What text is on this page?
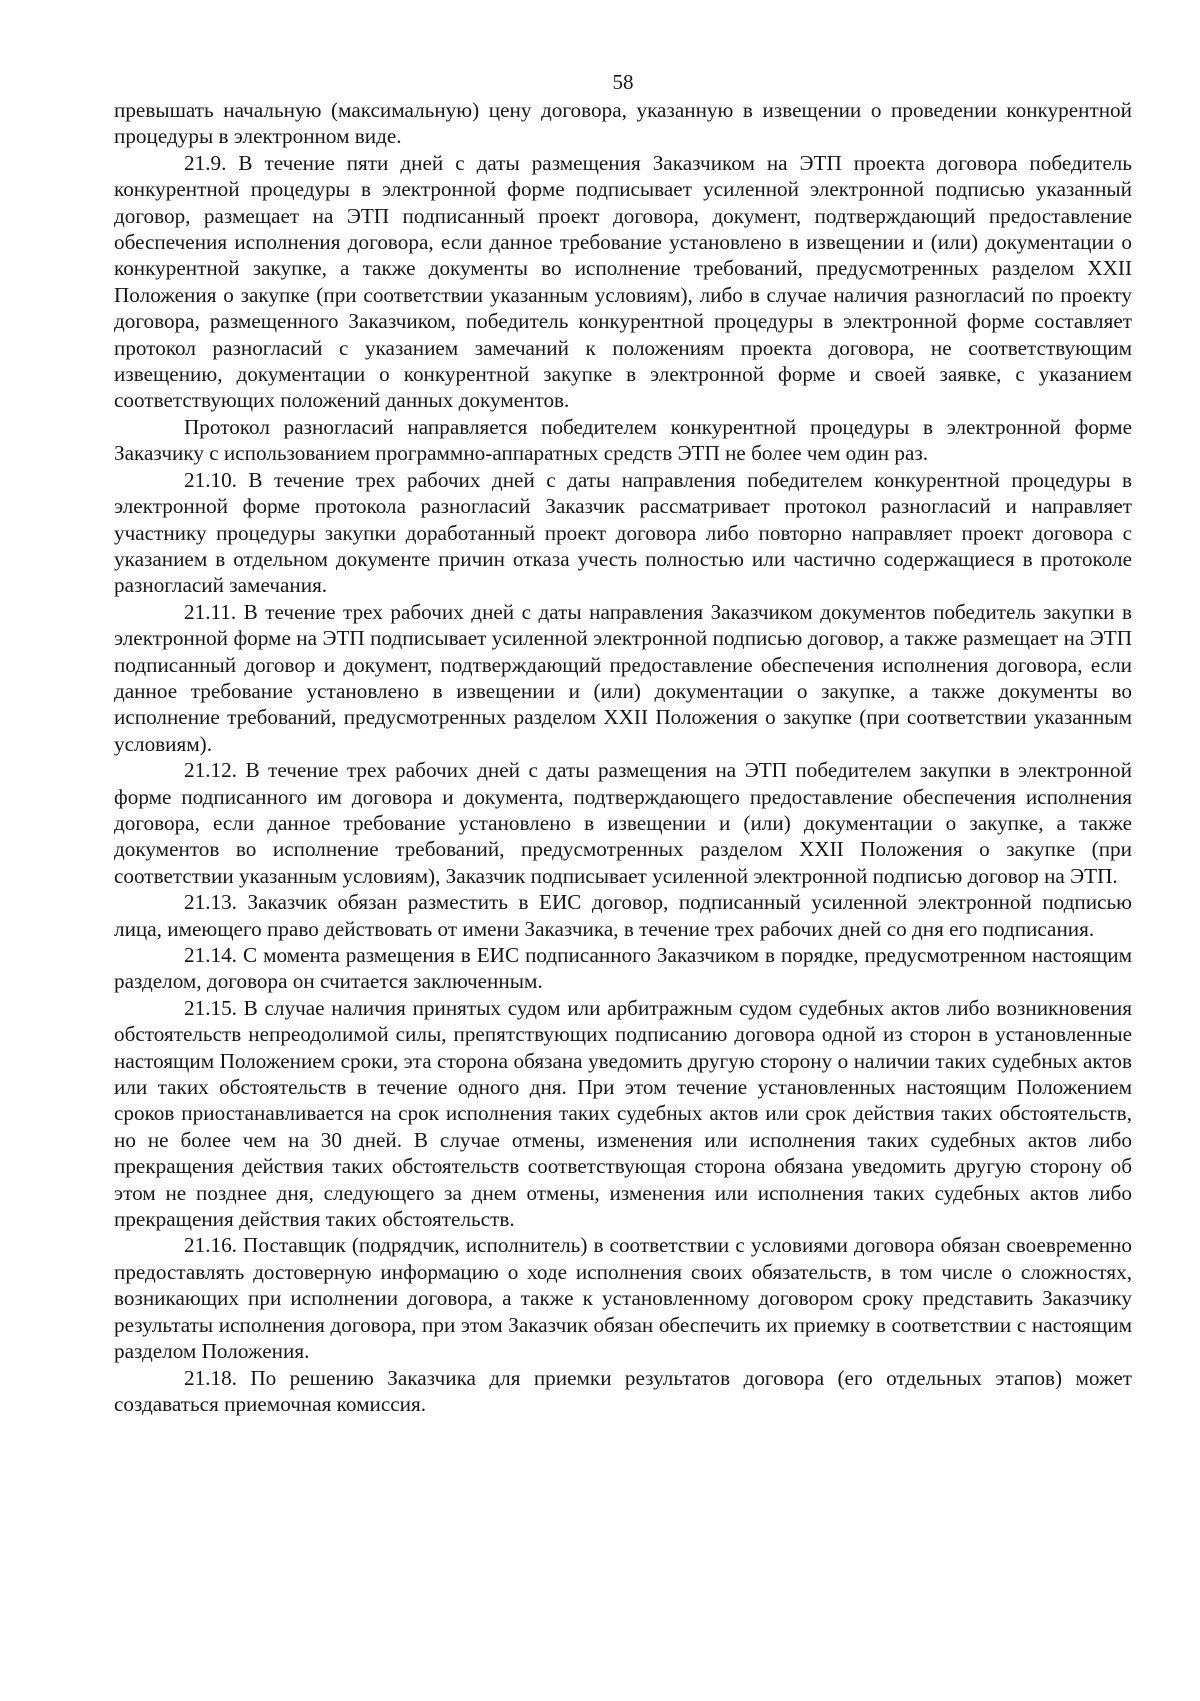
58

превышать начальную (максимальную) цену договора, указанную в извещении о проведении конкурентной процедуры в электронном виде.

21.9. В течение пяти дней с даты размещения Заказчиком на ЭТП проекта договора победитель конкурентной процедуры в электронной форме подписывает усиленной электронной подписью указанный договор, размещает на ЭТП подписанный проект договора, документ, подтверждающий предоставление обеспечения исполнения договора, если данное требование установлено в извещении и (или) документации о конкурентной закупке, а также документы во исполнение требований, предусмотренных разделом XXII Положения о закупке (при соответствии указанным условиям), либо в случае наличия разногласий по проекту договора, размещенного Заказчиком, победитель конкурентной процедуры в электронной форме составляет протокол разногласий с указанием замечаний к положениям проекта договора, не соответствующим извещению, документации о конкурентной закупке в электронной форме и своей заявке, с указанием соответствующих положений данных документов.

Протокол разногласий направляется победителем конкурентной процедуры в электронной форме Заказчику с использованием программно-аппаратных средств ЭТП не более чем один раз.

21.10. В течение трех рабочих дней с даты направления победителем конкурентной процедуры в электронной форме протокола разногласий Заказчик рассматривает протокол разногласий и направляет участнику процедуры закупки доработанный проект договора либо повторно направляет проект договора с указанием в отдельном документе причин отказа учесть полностью или частично содержащиеся в протоколе разногласий замечания.

21.11. В течение трех рабочих дней с даты направления Заказчиком документов победитель закупки в электронной форме на ЭТП подписывает усиленной электронной подписью договор, а также размещает на ЭТП подписанный договор и документ, подтверждающий предоставление обеспечения исполнения договора, если данное требование установлено в извещении и (или) документации о закупке, а также документы во исполнение требований, предусмотренных разделом XXII Положения о закупке (при соответствии указанным условиям).

21.12. В течение трех рабочих дней с даты размещения на ЭТП победителем закупки в электронной форме подписанного им договора и документа, подтверждающего предоставление обеспечения исполнения договора, если данное требование установлено в извещении и (или) документации о закупке, а также документов во исполнение требований, предусмотренных разделом XXII Положения о закупке (при соответствии указанным условиям), Заказчик подписывает усиленной электронной подписью договор на ЭТП.

21.13. Заказчик обязан разместить в ЕИС договор, подписанный усиленной электронной подписью лица, имеющего право действовать от имени Заказчика, в течение трех рабочих дней со дня его подписания.

21.14. С момента размещения в ЕИС подписанного Заказчиком в порядке, предусмотренном настоящим разделом, договора он считается заключенным.

21.15. В случае наличия принятых судом или арбитражным судом судебных актов либо возникновения обстоятельств непреодолимой силы, препятствующих подписанию договора одной из сторон в установленные настоящим Положением сроки, эта сторона обязана уведомить другую сторону о наличии таких судебных актов или таких обстоятельств в течение одного дня. При этом течение установленных настоящим Положением сроков приостанавливается на срок исполнения таких судебных актов или срок действия таких обстоятельств, но не более чем на 30 дней. В случае отмены, изменения или исполнения таких судебных актов либо прекращения действия таких обстоятельств соответствующая сторона обязана уведомить другую сторону об этом не позднее дня, следующего за днем отмены, изменения или исполнения таких судебных актов либо прекращения действия таких обстоятельств.

21.16. Поставщик (подрядчик, исполнитель) в соответствии с условиями договора обязан своевременно предоставлять достоверную информацию о ходе исполнения своих обязательств, в том числе о сложностях, возникающих при исполнении договора, а также к установленному договором сроку представить Заказчику результаты исполнения договора, при этом Заказчик обязан обеспечить их приемку в соответствии с настоящим разделом Положения.

21.18. По решению Заказчика для приемки результатов договора (его отдельных этапов) может создаваться приемочная комиссия.
